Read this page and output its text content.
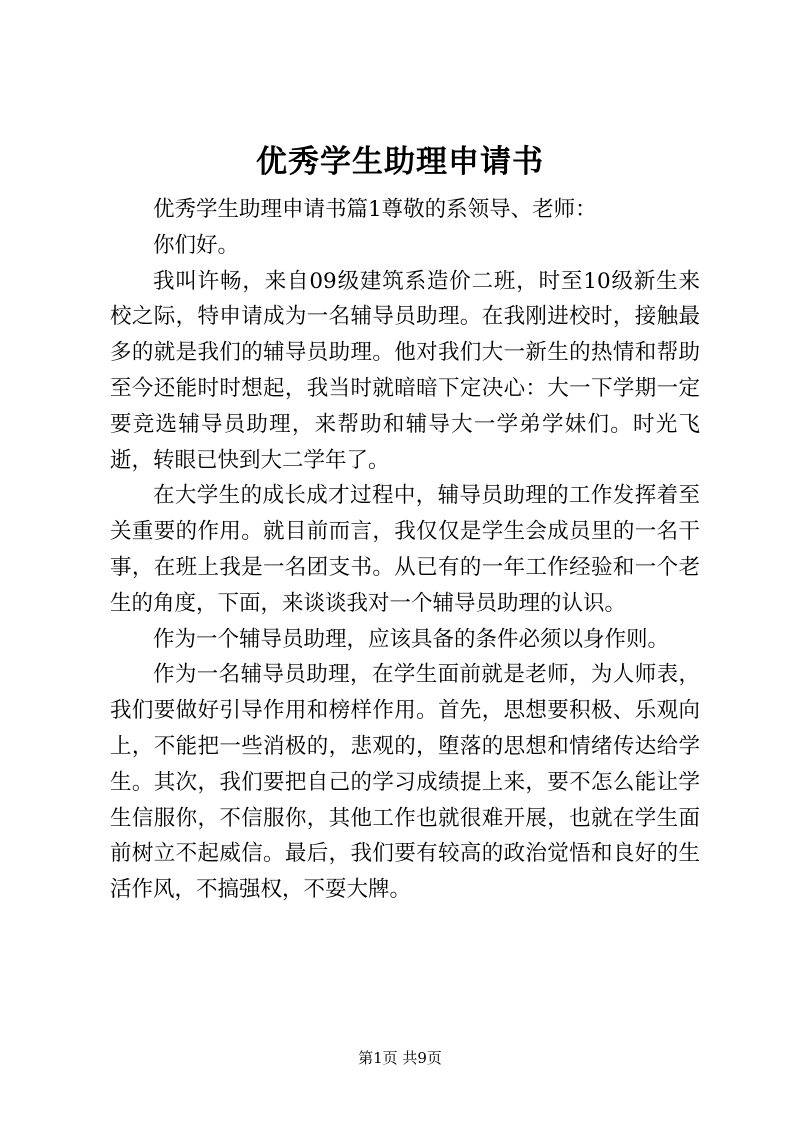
优秀学生助理申请书

优秀学生助理申请书篇1尊敬的系领导、老师：

你们好。

我叫许畅，来自09级建筑系造价二班，时至10级新生来校之际，特申请成为一名辅导员助理。在我刚进校时，接触最多的就是我们的辅导员助理。他对我们大一新生的热情和帮助至今还能时时想起，我当时就暗暗下定决心：大一下学期一定要竞选辅导员助理，来帮助和辅导大一学弟学妹们。时光飞逝，转眼已快到大二学年了。

在大学生的成长成才过程中，辅导员助理的工作发挥着至关重要的作用。就目前而言，我仅仅是学生会成员里的一名干事，在班上我是一名团支书。从已有的一年工作经验和一个老生的角度，下面，来谈谈我对一个辅导员助理的认识。

作为一个辅导员助理，应该具备的条件必须以身作则。

作为一名辅导员助理，在学生面前就是老师，为人师表，我们要做好引导作用和榜样作用。首先，思想要积极、乐观向上，不能把一些消极的，悲观的，堕落的思想和情绪传达给学生。其次，我们要把自己的学习成绩提上来，要不怎么能让学生信服你，不信服你，其他工作也就很难开展，也就在学生面前树立不起威信。最后，我们要有较高的政治觉悟和良好的生活作风，不搞强权，不耍大牌。

第1页 共9页
